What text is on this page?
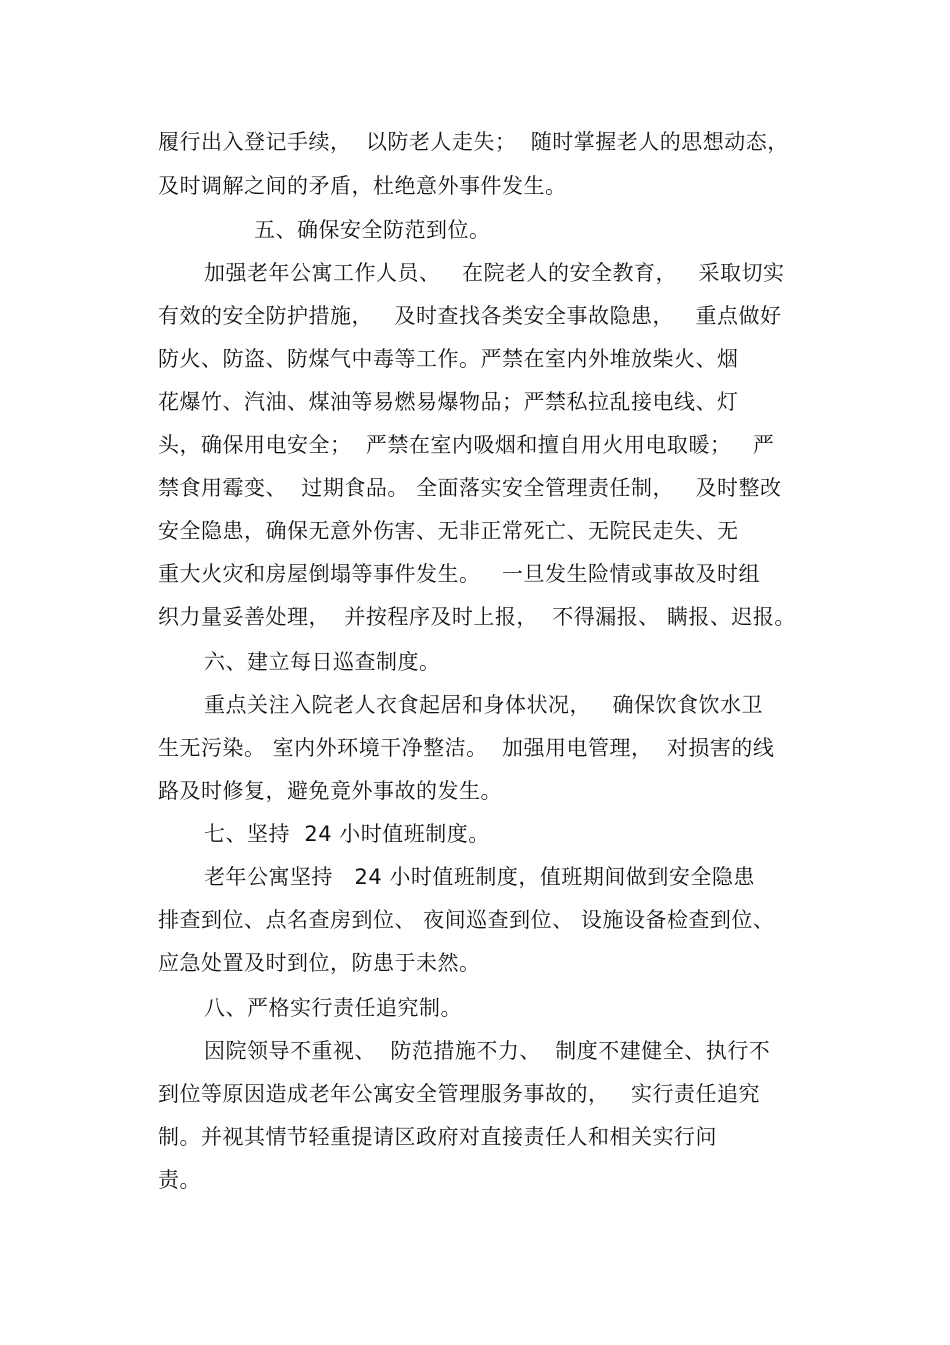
履行出入登记手续，  以防老人走失；  随时掌握老人的思想动态，
及时调解之间的矛盾，杜绝意外事件发生。
五、确保安全防范到位。
加强老年公寓工作人员、   在院老人的安全教育，   采取切实
有效的安全防护措施，   及时查找各类安全事故隐患，   重点做好
防火、防盗、防煤气中毒等工作。严禁在室内外堆放柴火、烟
花爆竹、汽油、煤油等易燃易爆物品；严禁私拉乱接电线、灯
头，确保用电安全；  严禁在室内吸烟和擅自用火用电取暖；   严
禁食用霉变、  过期食品。 全面落实安全管理责任制，   及时整改
安全隐患，确保无意外伤害、无非正常死亡、无院民走失、无
重大火灾和房屋倒塌等事件发生。   一旦发生险情或事故及时组
织力量妥善处理，  并按程序及时上报，  不得漏报、 瞒报、迟报。
六、建立每日巡查制度。
重点关注入院老人衣食起居和身体状况，   确保饮食饮水卫
生无污染。 室内外环境干净整洁。  加强用电管理，  对损害的线
路及时修复，避免竟外事故的发生。
七、坚持  24 小时值班制度。
老年公寓坚持   24 小时值班制度，值班期间做到安全隐患
排查到位、点名查房到位、 夜间巡查到位、 设施设备检查到位、
应急处置及时到位，防患于未然。
八、严格实行责任追究制。
因院领导不重视、  防范措施不力、  制度不建健全、执行不
到位等原因造成老年公寓安全管理服务事故的，   实行责任追究
制。并视其情节轻重提请区政府对直接责任人和相关实行问
责。
